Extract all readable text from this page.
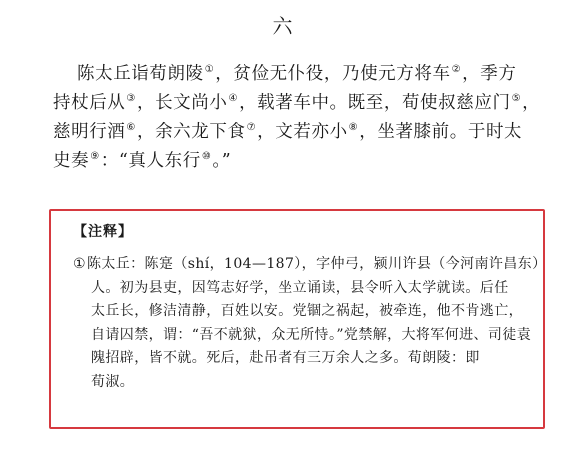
六
陈太丘诣荀朗陵①，贫俭无仆役，乃使元方将车②，季方
持杖后从③，长文尚小④，载著车中。既至，荀使叔慈应门⑤，
慈明行酒⑥，余六龙下食⑦，文若亦小⑧，坐著膝前。于时太
史奏⑨：“真人东行⑩。”
【注释】
①陈太丘：陈寔（shí，104—187），字仲弓，颍川许县（今河南许昌东）
人。初为县吏，因笃志好学，坐立诵读，县令听入太学就读。后任
太丘长，修洁清静，百姓以安。党锢之祸起，被牵连，他不肯逃亡，
自请囚禁，谓：“吾不就狱，众无所恃。”党禁解，大将军何进、司徒袁
隗招辟，皆不就。死后，赴吊者有三万余人之多。荀朗陵：即
荀淑。
